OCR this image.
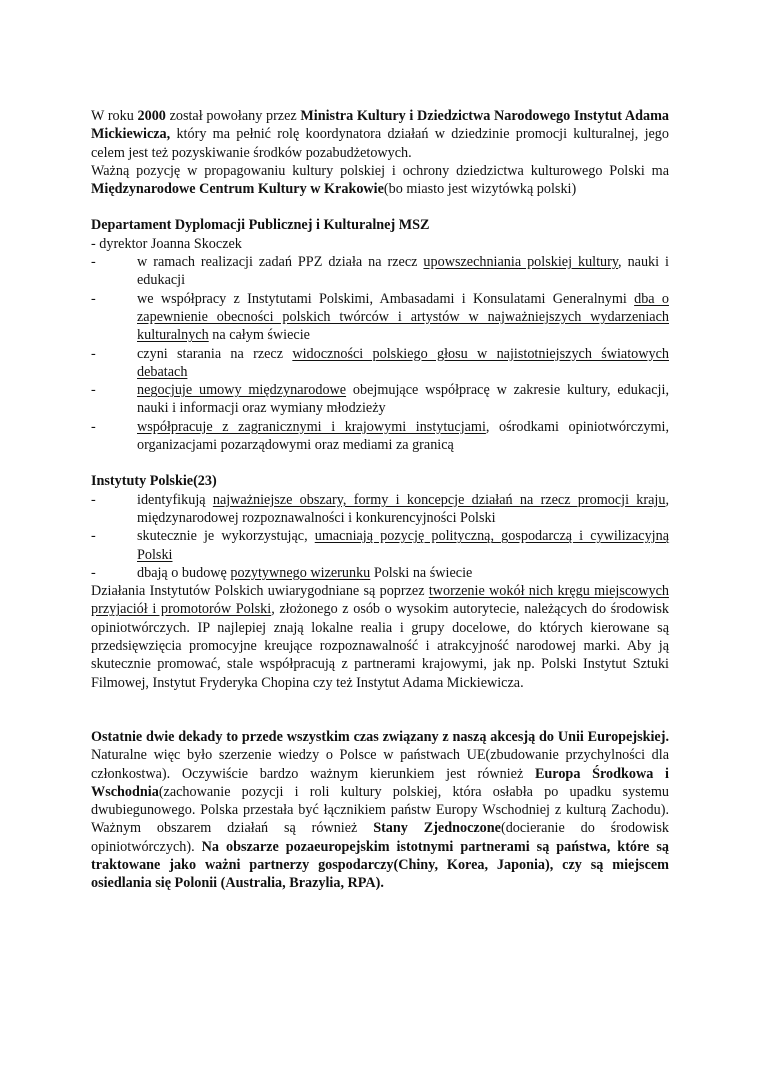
W roku 2000 został powołany przez Ministra Kultury i Dziedzictwa Narodowego Instytut Adama Mickiewicza, który ma pełnić rolę koordynatora działań w dziedzinie promocji kulturalnej, jego celem jest też pozyskiwanie środków pozabudżetowych.

Ważną pozycję w propagowaniu kultury polskiej i ochrony dziedzictwa kulturowego Polski ma Międzynarodowe Centrum Kultury w Krakowie(bo miasto jest wizytówką polski)

Departament Dyplomacji Publicznej i Kulturalnej MSZ

- dyrektor Joanna Skoczek

-	w ramach realizacji zadań PPZ działa na rzecz upowszechniania polskiej kultury, nauki i edukacji
-	we współpracy z Instytutami Polskimi, Ambasadami i Konsulatami Generalnymi dba o zapewnienie obecności polskich twórców i artystów w najważniejszych wydarzeniach kulturalnych na całym świecie
-	czyni starania na rzecz widoczności polskiego głosu w najistotniejszych światowych debatach
-	negocjuje umowy międzynarodowe obejmujące współpracę w zakresie kultury, edukacji, nauki i informacji oraz wymiany młodzieży
-	współpracuje z zagranicznymi i krajowymi instytucjami, ośrodkami opiniotwórczymi, organizacjami pozarządowymi oraz mediami za granicą

Instytuty Polskie(23)

-	identyfikują najważniejsze obszary, formy i koncepcje działań na rzecz promocji kraju, międzynarodowej rozpoznawalności i konkurencyjności Polski
-	skutecznie je wykorzystując, umacniają pozycję polityczną, gospodarczą i cywilizacyjną Polski
-	dbają o budowę pozytywnego wizerunku Polski na świecie

Działania Instytutów Polskich uwiarygodniane są poprzez tworzenie wokół nich kręgu miejscowych przyjaciół i promotorów Polski, złożonego z osób o wysokim autorytecie, należących do środowisk opiniotwórczych. IP najlepiej znają lokalne realia i grupy docelowe, do których kierowane są przedsięwzięcia promocyjne kreujące rozpoznawalność i atrakcyjność narodowej marki. Aby ją skutecznie promować, stale współpracują z partnerami krajowymi, jak np. Polski Instytut Sztuki Filmowej, Instytut Fryderyka Chopina czy też Instytut Adama Mickiewicza.

Ostatnie dwie dekady to przede wszystkim czas związany z naszą akcesją do Unii Europejskiej. Naturalne więc było szerzenie wiedzy o Polsce w państwach UE(zbudowanie przychylności dla członkostwa). Oczywiście bardzo ważnym kierunkiem jest również Europa Środkowa i Wschodnia(zachowanie pozycji i roli kultury polskiej, która osłabła po upadku systemu dwubiegunowego. Polska przestała być łącznikiem państw Europy Wschodniej z kulturą Zachodu). Ważnym obszarem działań są również Stany Zjednoczone(docieranie do środowisk opiniotwórczych). Na obszarze pozaeuropejskim istotnymi partnerami są państwa, które są traktowane jako ważni partnerzy gospodarczy(Chiny, Korea, Japonia), czy są miejscem osiedlania się Polonii (Australia, Brazylia, RPA).
